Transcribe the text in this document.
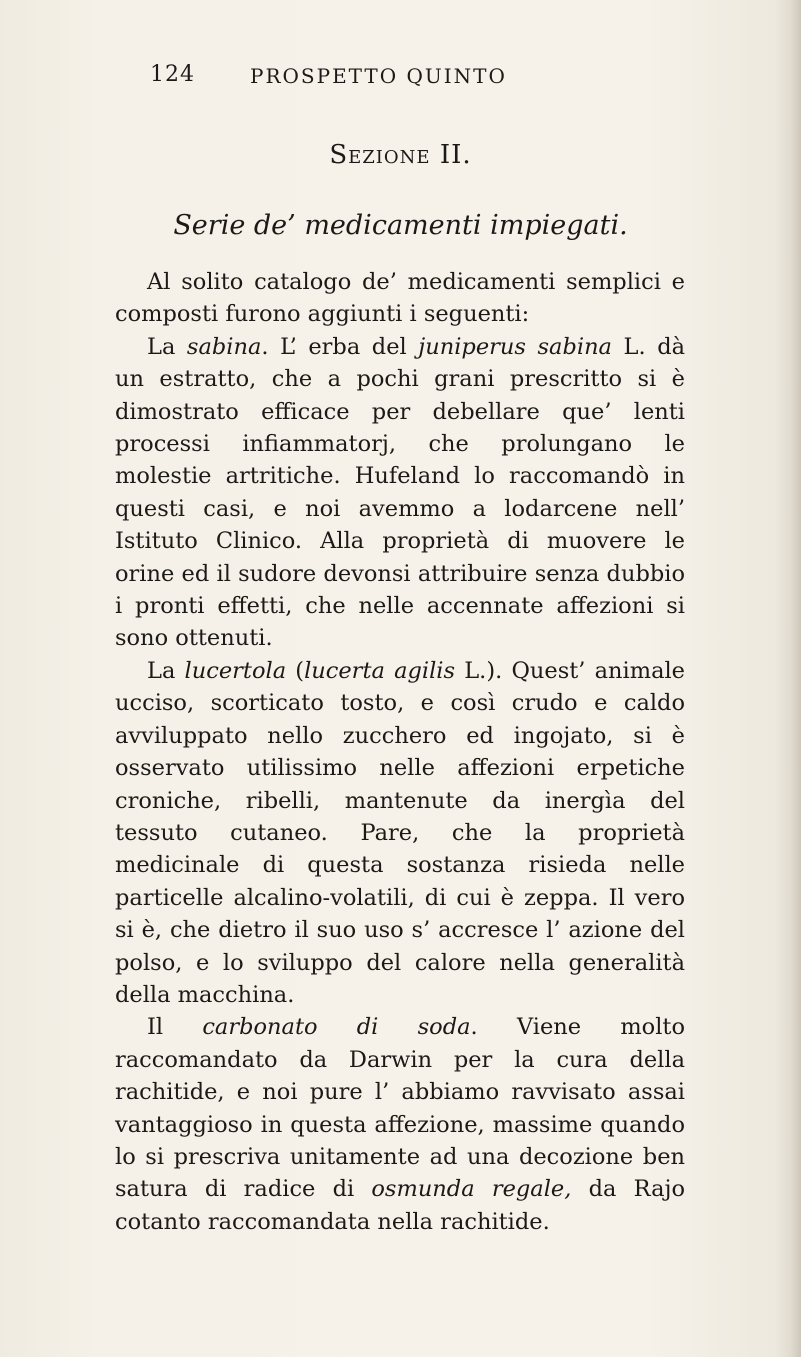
124	PROSPETTO QUINTO
Sezione II.
Serie de’ medicamenti impiegati.

Al solito catalogo de’ medicamenti semplici e composti furono aggiunti i seguenti:

La sabina. L’ erba del juniperus sabina L. dà un estratto, che a pochi grani prescritto si è dimostrato efficace per debellare que’ lenti processi infiammatorj, che prolungano le molestie artritiche. Hufeland lo raccomandò in questi casi, e noi avemmo a lodarcene nell’ Istituto Clinico. Alla proprietà di muovere le orine ed il sudore devonsi attribuire senza dubbio i pronti effetti, che nelle accennate affezioni si sono ottenuti.

La lucertola (lucerta agilis L.). Quest’ animale ucciso, scorticato tosto, e così crudo e caldo avviluppato nello zucchero ed ingojato, si è osservato utilissimo nelle affezioni erpetiche croniche, ribelli, mantenute da inergìa del tessuto cutaneo. Pare, che la proprietà medicinale di questa sostanza risieda nelle particelle alcalino-volatili, di cui è zeppa. Il vero si è, che dietro il suo uso s’ accresce l’ azione del polso, e lo sviluppo del calore nella generalità della macchina.

Il carbonato di soda. Viene molto raccomandato da Darwin per la cura della rachitide, e noi pure l’ abbiamo ravvisato assai vantaggioso in questa affezione, massime quando lo si prescriva unitamente ad una decozione ben satura di radice di osmunda regale, da Rajo cotanto raccomandata nella rachitide.
